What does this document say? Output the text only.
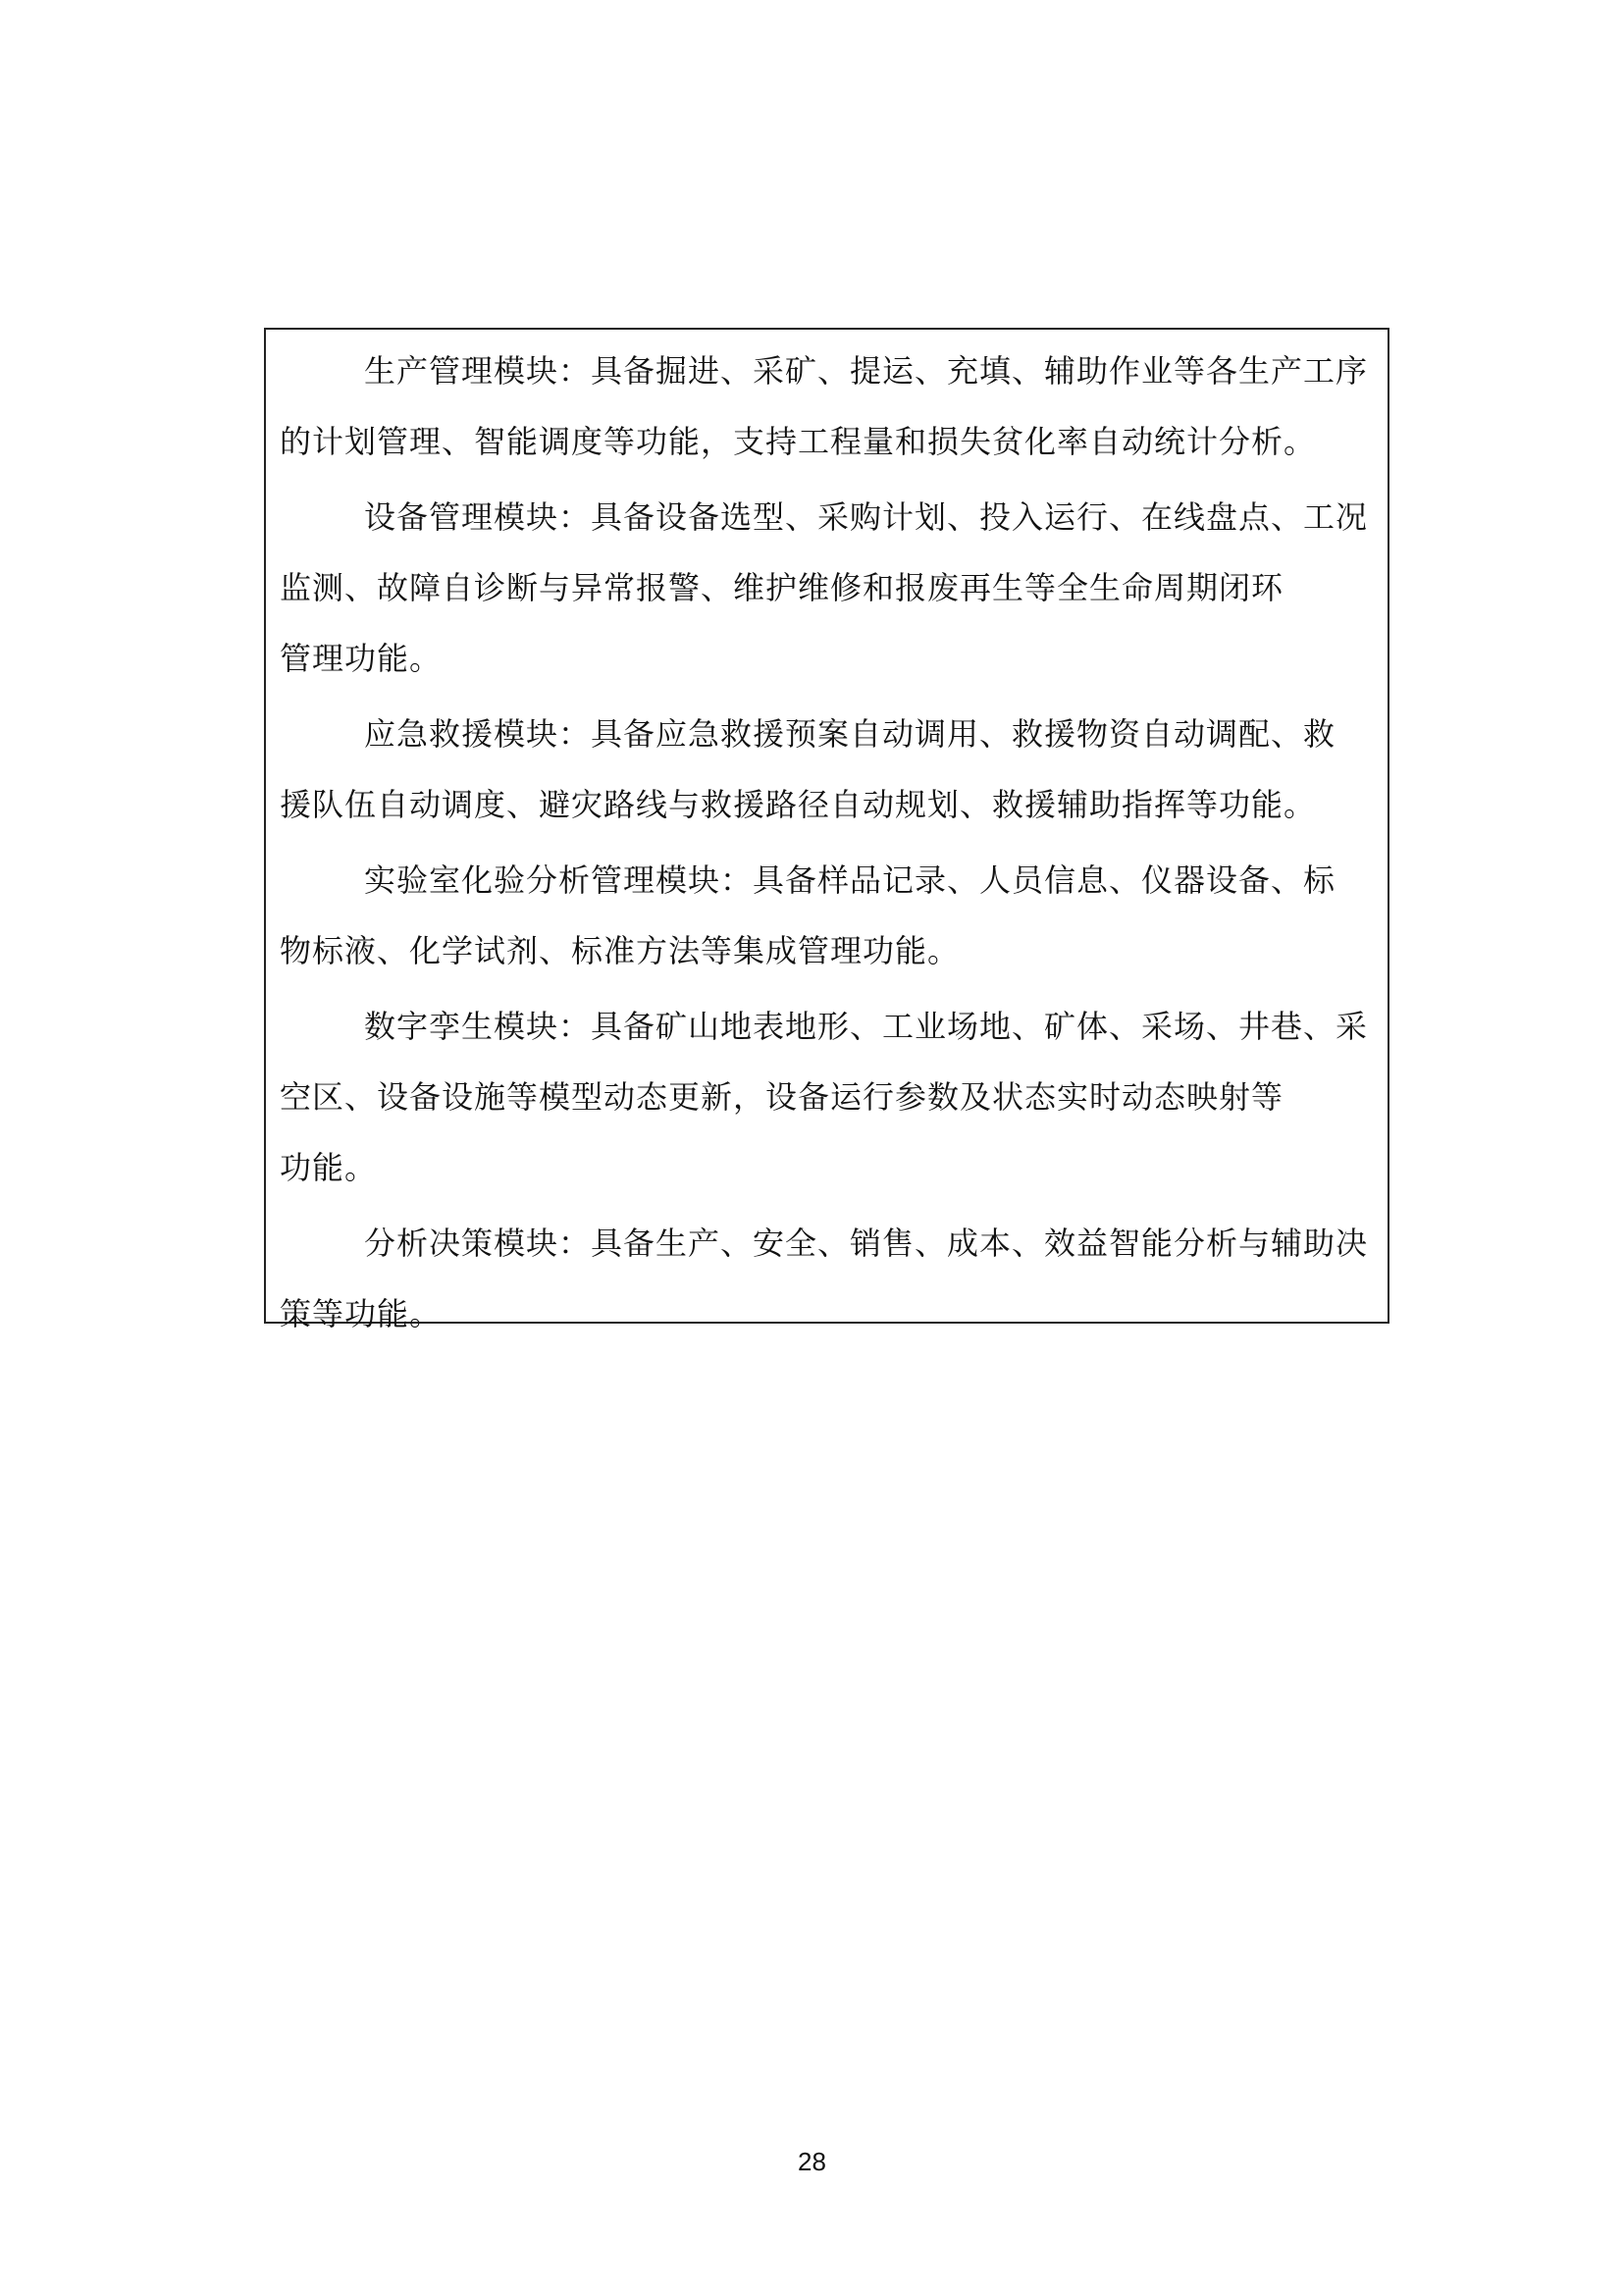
生产管理模块：具备掘进、采矿、提运、充填、辅助作业等各生产工序
的计划管理、智能调度等功能，支持工程量和损失贫化率自动统计分析。

设备管理模块：具备设备选型、采购计划、投入运行、在线盘点、工况
监测、故障自诊断与异常报警、维护维修和报废再生等全生命周期闭环
管理功能。

应急救援模块：具备应急救援预案自动调用、救援物资自动调配、救
援队伍自动调度、避灾路线与救援路径自动规划、救援辅助指挥等功能。

实验室化验分析管理模块：具备样品记录、人员信息、仪器设备、标
物标液、化学试剂、标准方法等集成管理功能。

数字孪生模块：具备矿山地表地形、工业场地、矿体、采场、井巷、采
空区、设备设施等模型动态更新，设备运行参数及状态实时动态映射等
功能。

分析决策模块：具备生产、安全、销售、成本、效益智能分析与辅助决
策等功能。

28
